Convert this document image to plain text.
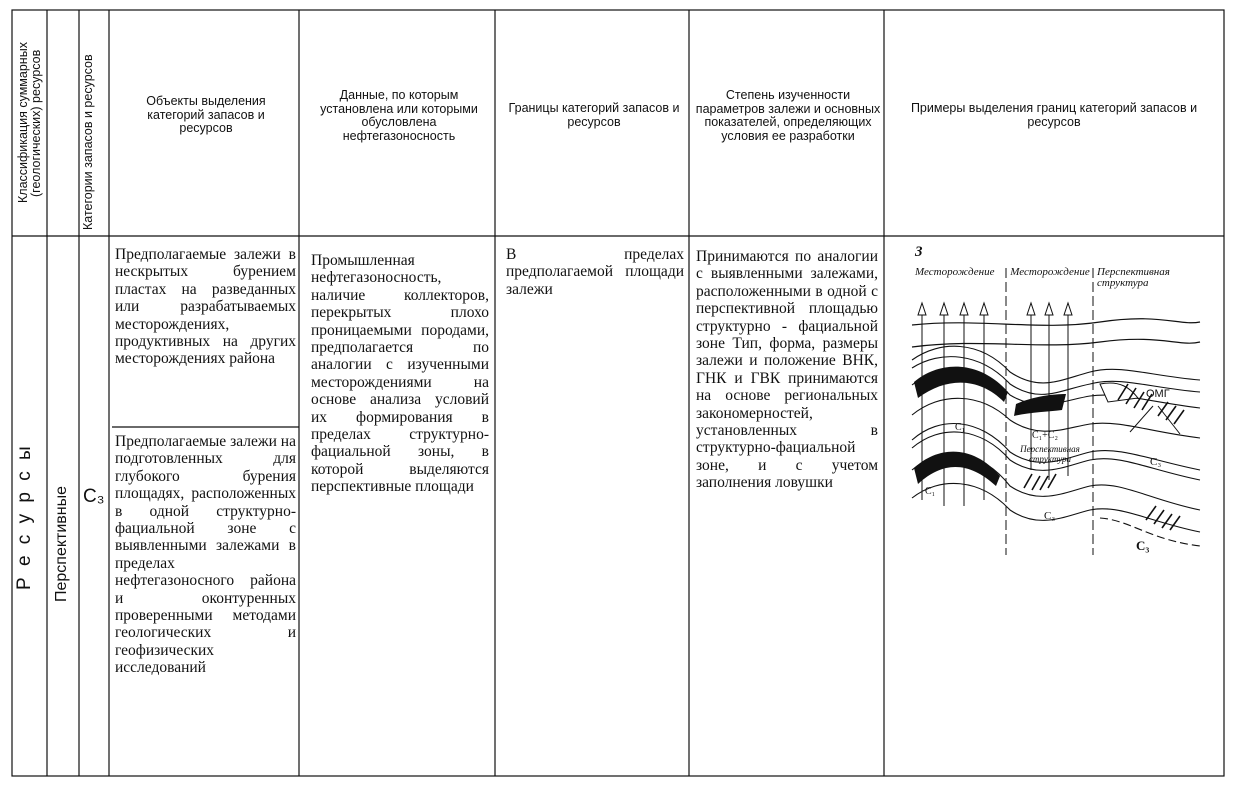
Классификация суммарных (геологических) ресурсов	Категории запасов и ресурсов	Объекты выделения категорий запасов и ресурсов
Данные, по которым установлена или которыми обусловлена нефтегазоносность
Границы категорий запасов и ресурсов
Степень изученности параметров залежи и основных показателей, определяющих условия ее разработки
Примеры выделения границ категорий запасов и ресурсов
Р е с у р с ы Перспективные C₃
Предполагаемые залежи в нескрытых бурением пластах на разведанных или разрабатываемых месторождениях, продуктивных на других месторождениях района
Предполагаемые залежи на подготовленных для глубокого бурения площадях, расположенных в одной структурно-фациальной зоне с выявленными залежами в пределах нефтегазоносного района и оконтуренных проверенными методами геологических и геофизических исследований
Промышленная нефтегазоносность, наличие коллекторов, перекрытых плохо проницаемыми породами, предполагается по аналогии с изученными месторождениями на основе анализа условий их формирования в пределах структурно-фациальной зоны, в которой выделяются перспективные площади
В пределах предполагаемой площади залежи
Принимаются по аналогии с выявленными залежами, расположенными в одной с перспективной площадью структурно - фациальной зоне Тип, форма, размеры залежи и положение ВНК, ГНК и ГВК принимаются на основе региональных закономерностей, установленных в структурно-фациальной зоне, и с учетом заполнения ловушки
3
Месторождение Месторождение Перспективная структура
ОМГ
Перспективная структура
C₁
C₁
C₁+C₂
C₃
C₃
C₃
